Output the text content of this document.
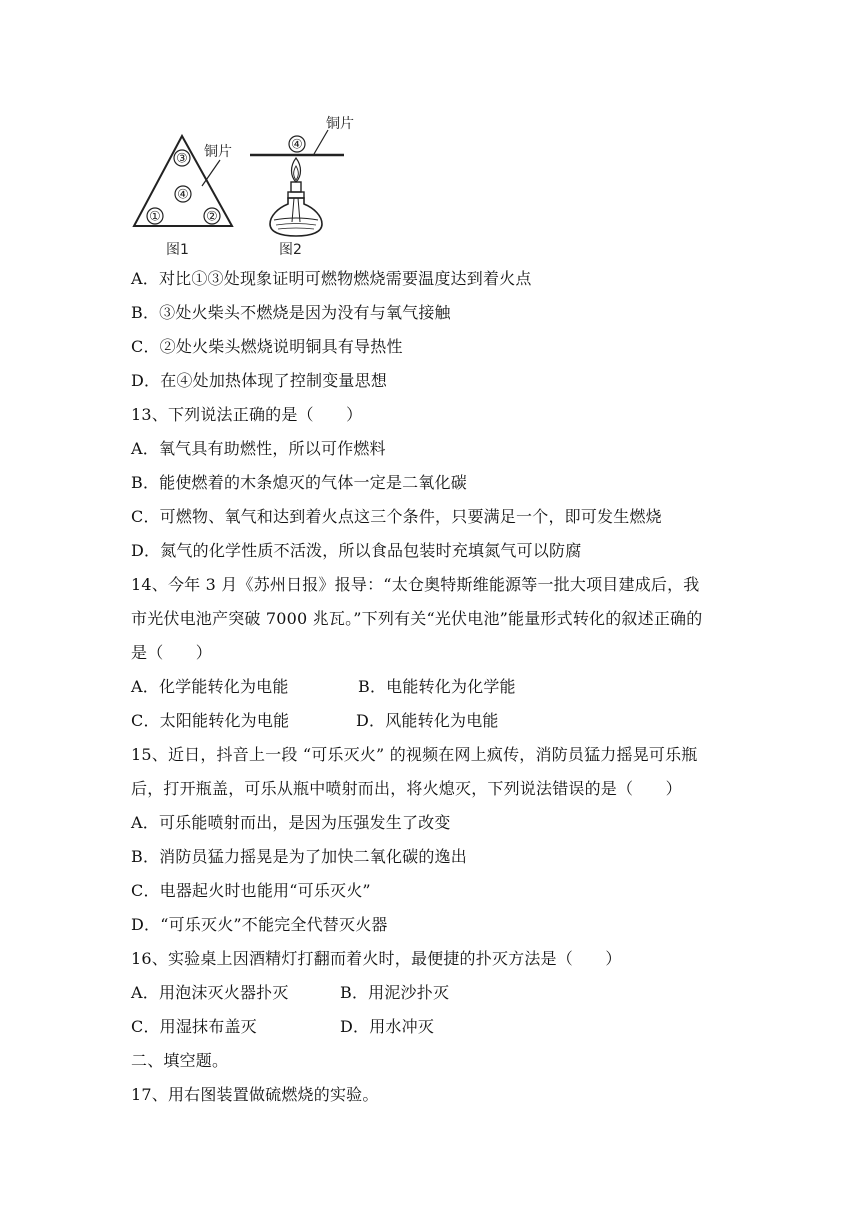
③
④
①	②
铜片
图1
铜片
④
图2
A．对比①③处现象证明可燃物燃烧需要温度达到着火点
B．③处火柴头不燃烧是因为没有与氧气接触
C．②处火柴头燃烧说明铜具有导热性
D．在④处加热体现了控制变量思想
13、下列说法正确的是（　　）
A．氧气具有助燃性，所以可作燃料
B．能使燃着的木条熄灭的气体一定是二氧化碳
C．可燃物、氧气和达到着火点这三个条件，只要满足一个，即可发生燃烧
D．氮气的化学性质不活泼，所以食品包装时充填氮气可以防腐
14、今年 3 月《苏州日报》报导：“太仓奥特斯维能源等一批大项目建成后，我
市光伏电池产突破 7000 兆瓦。”下列有关“光伏电池”能量形式转化的叙述正确的
是（　　）
A．化学能转化为电能	B．电能转化为化学能
C．太阳能转化为电能	D．风能转化为电能
15、近日，抖音上一段 “可乐灭火” 的视频在网上疯传，消防员猛力摇晃可乐瓶
后，打开瓶盖，可乐从瓶中喷射而出，将火熄灭，下列说法错误的是（　　）
A．可乐能喷射而出，是因为压强发生了改变
B．消防员猛力摇晃是为了加快二氧化碳的逸出
C．电器起火时也能用“可乐灭火”
D．“可乐灭火”不能完全代替灭火器
16、实验桌上因酒精灯打翻而着火时，最便捷的扑灭方法是（　　）
A．用泡沫灭火器扑灭	B．用泥沙扑灭
C．用湿抹布盖灭	D．用水冲灭
二、填空题。
17、用右图装置做硫燃烧的实验。
